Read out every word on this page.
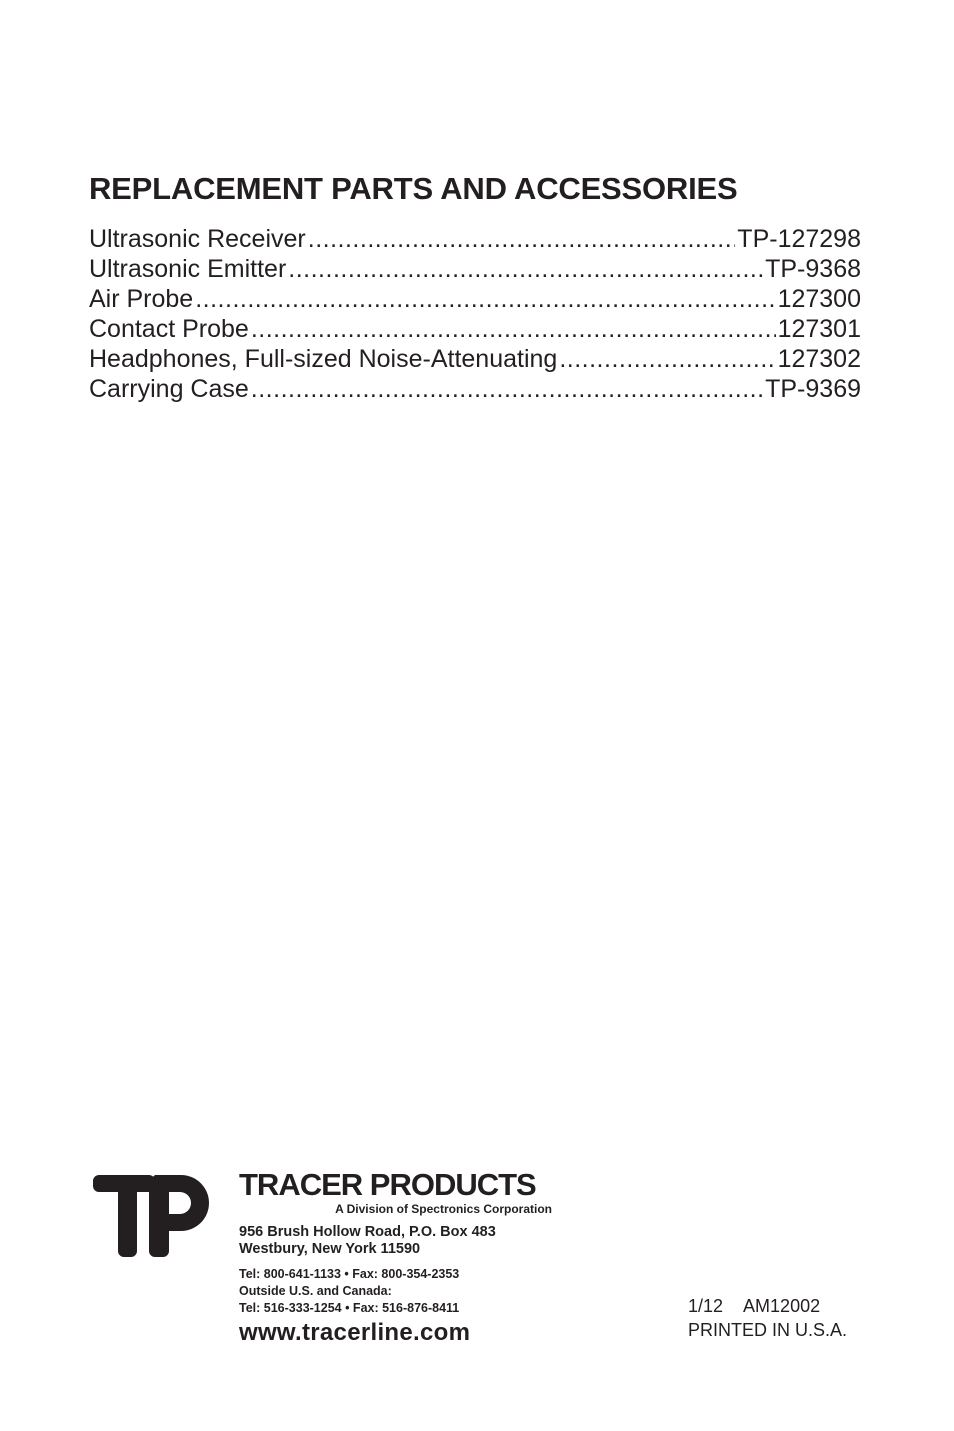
REPLACEMENT PARTS AND ACCESSORIES
Ultrasonic Receiver .....	TP-127298
Ultrasonic Emitter .....	TP-9368
Air Probe .....	127300
Contact Probe .....	127301
Headphones, Full-sized Noise-Attenuating .....	127302
Carrying Case .....	TP-9369

TRACER PRODUCTS

A Division of Spectronics Corporation

956 Brush Hollow Road, P.O. Box 483
Westbury, New York 11590
Tel: 800-641-1133 • Fax: 800-354-2353
Outside U.S. and Canada:
Tel: 516-333-1254 • Fax: 516-876-8411
www.tracerline.com
1/12 AM12002
PRINTED IN U.S.A.
